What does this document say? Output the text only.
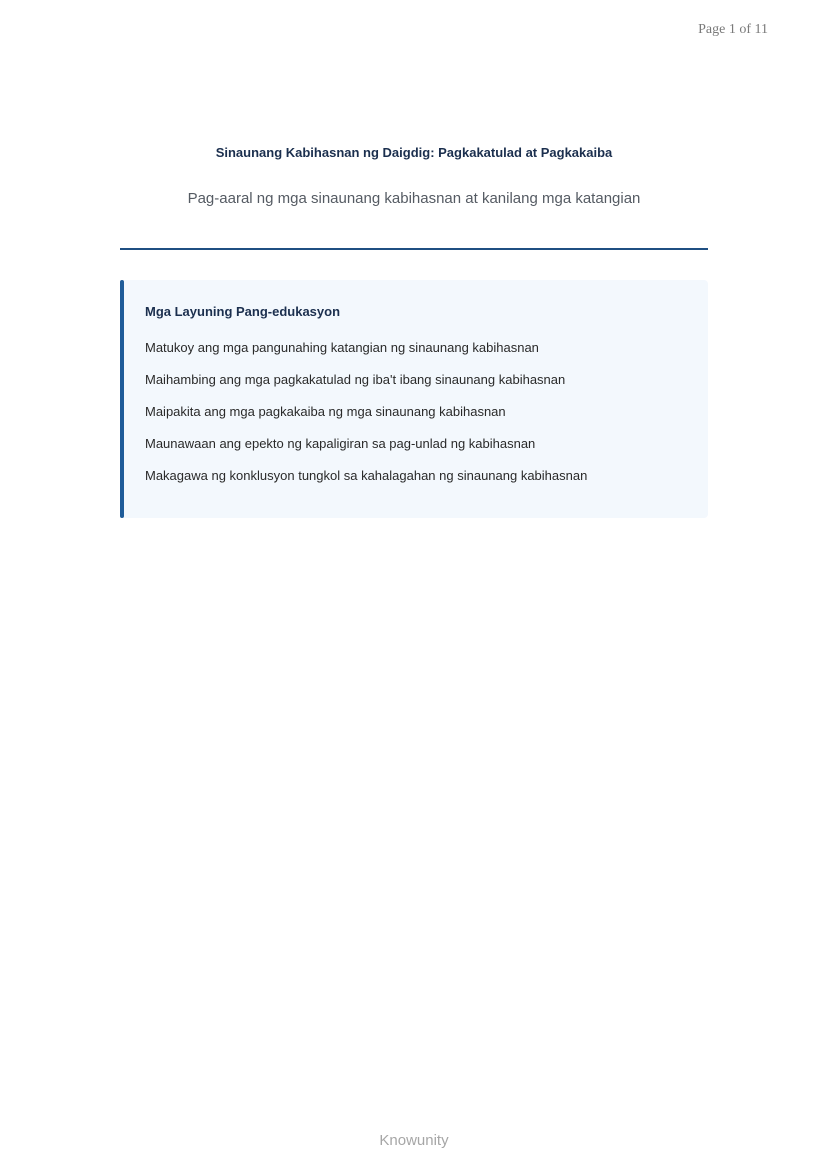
Page 1 of 11
Sinaunang Kabihasnan ng Daigdig: Pagkakatulad at Pagkakaiba
Pag-aaral ng mga sinaunang kabihasnan at kanilang mga katangian
Mga Layuning Pang-edukasyon
Matukoy ang mga pangunahing katangian ng sinaunang kabihasnan
Maihambing ang mga pagkakatulad ng iba't ibang sinaunang kabihasnan
Maipakita ang mga pagkakaiba ng mga sinaunang kabihasnan
Maunawaan ang epekto ng kapaligiran sa pag-unlad ng kabihasnan
Makagawa ng konklusyon tungkol sa kahalagahan ng sinaunang kabihasnan
Knowunity
